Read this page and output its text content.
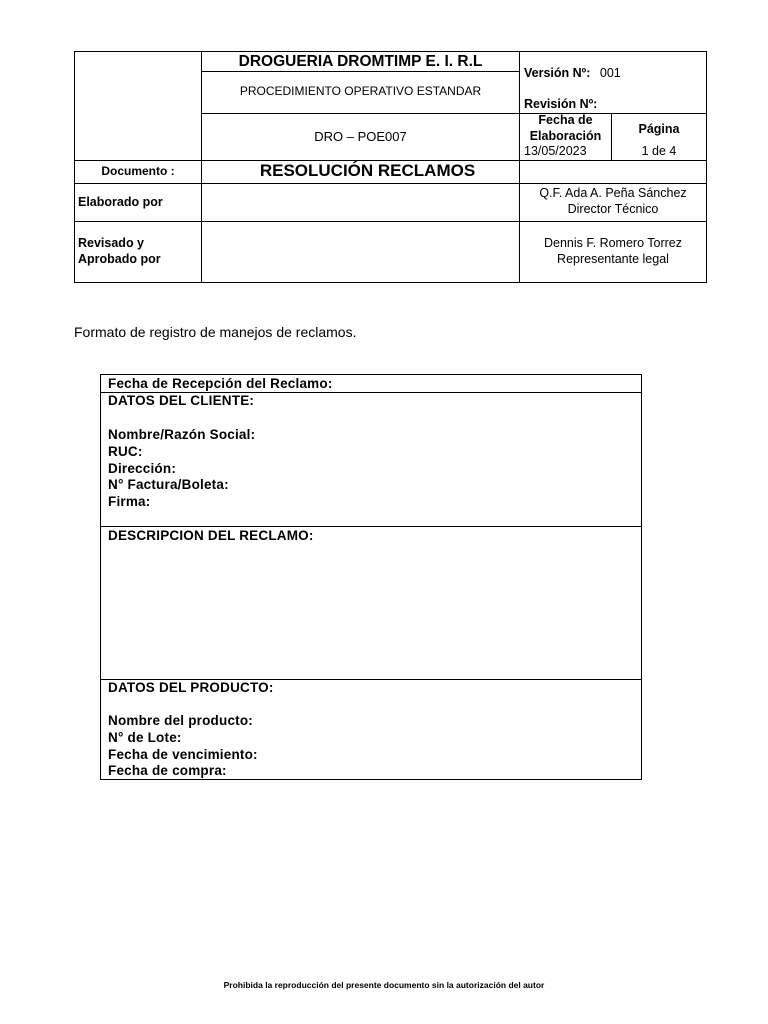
DROGUERIA DROMTIMP E. I. R.L
PROCEDIMIENTO OPERATIVO ESTANDAR
DRO – POE007
Versión Nº: 001
Revisión Nº:
Fecha de
Elaboración
13/05/2023
Página
1 de 4
Documento :	RESOLUCIÓN RECLAMOS
Elaborado por
Q.F. Ada A. Peña Sánchez
Director Técnico
Revisado y
Aprobado por
Dennis F. Romero Torrez
Representante legal
Formato de registro de manejos de reclamos.
Fecha de Recepción del Reclamo:
DATOS DEL CLIENTE:
Nombre/Razón Social:
RUC:
Dirección:
N° Factura/Boleta:
Firma:
DESCRIPCION DEL RECLAMO:
DATOS DEL PRODUCTO:
Nombre del producto:
N° de Lote:
Fecha de vencimiento:
Fecha de compra:
Prohibida la reproducción del presente documento sin la autorización del autor
